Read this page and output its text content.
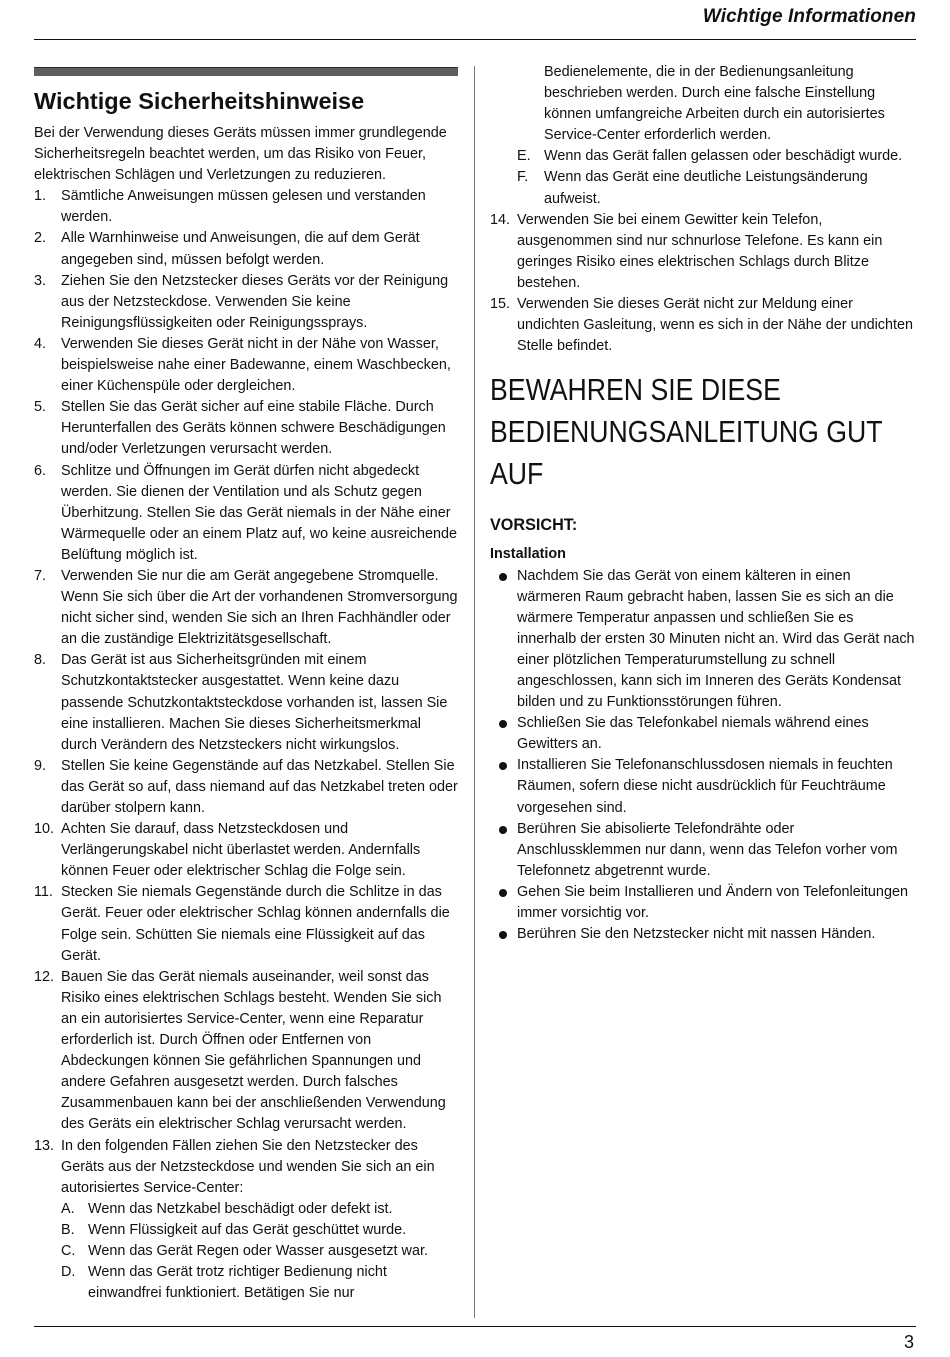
Wichtige Informationen
Wichtige Sicherheitshinweise

Bei der Verwendung dieses Geräts müssen immer grundlegende Sicherheitsregeln beachtet werden, um das Risiko von Feuer, elektrischen Schlägen und Verletzungen zu reduzieren.

1. Sämtliche Anweisungen müssen gelesen und verstanden werden.
2. Alle Warnhinweise und Anweisungen, die auf dem Gerät angegeben sind, müssen befolgt werden.
3. Ziehen Sie den Netzstecker dieses Geräts vor der Reinigung aus der Netzsteckdose. Verwenden Sie keine Reinigungsflüssigkeiten oder Reinigungssprays.
4. Verwenden Sie dieses Gerät nicht in der Nähe von Wasser, beispielsweise nahe einer Badewanne, einem Waschbecken, einer Küchenspüle oder dergleichen.
5. Stellen Sie das Gerät sicher auf eine stabile Fläche. Durch Herunterfallen des Geräts können schwere Beschädigungen und/oder Verletzungen verursacht werden.
6. Schlitze und Öffnungen im Gerät dürfen nicht abgedeckt werden. Sie dienen der Ventilation und als Schutz gegen Überhitzung. Stellen Sie das Gerät niemals in der Nähe einer Wärmequelle oder an einem Platz auf, wo keine ausreichende Belüftung möglich ist.
7. Verwenden Sie nur die am Gerät angegebene Stromquelle. Wenn Sie sich über die Art der vorhandenen Stromversorgung nicht sicher sind, wenden Sie sich an Ihren Fachhändler oder an die zuständige Elektrizitätsgesellschaft.
8. Das Gerät ist aus Sicherheitsgründen mit einem Schutzkontaktstecker ausgestattet. Wenn keine dazu passende Schutzkontaktsteckdose vorhanden ist, lassen Sie eine installieren. Machen Sie dieses Sicherheitsmerkmal durch Verändern des Netzsteckers nicht wirkungslos.
9. Stellen Sie keine Gegenstände auf das Netzkabel. Stellen Sie das Gerät so auf, dass niemand auf das Netzkabel treten oder darüber stolpern kann.
10. Achten Sie darauf, dass Netzsteckdosen und Verlängerungskabel nicht überlastet werden. Andernfalls können Feuer oder elektrischer Schlag die Folge sein.
11. Stecken Sie niemals Gegenstände durch die Schlitze in das Gerät. Feuer oder elektrischer Schlag können andernfalls die Folge sein. Schütten Sie niemals eine Flüssigkeit auf das Gerät.
12. Bauen Sie das Gerät niemals auseinander, weil sonst das Risiko eines elektrischen Schlags besteht. Wenden Sie sich an ein autorisiertes Service-Center, wenn eine Reparatur erforderlich ist. Durch Öffnen oder Entfernen von Abdeckungen können Sie gefährlichen Spannungen und andere Gefahren ausgesetzt werden. Durch falsches Zusammenbauen kann bei der anschließenden Verwendung des Geräts ein elektrischer Schlag verursacht werden.
13. In den folgenden Fällen ziehen Sie den Netzstecker des Geräts aus der Netzsteckdose und wenden Sie sich an ein autorisiertes Service-Center:
A. Wenn das Netzkabel beschädigt oder defekt ist.
B. Wenn Flüssigkeit auf das Gerät geschüttet wurde.
C. Wenn das Gerät Regen oder Wasser ausgesetzt war.
D. Wenn das Gerät trotz richtiger Bedienung nicht einwandfrei funktioniert. Betätigen Sie nur
Bedienelemente, die in der Bedienungsanleitung beschrieben werden. Durch eine falsche Einstellung können umfangreiche Arbeiten durch ein autorisiertes Service-Center erforderlich werden.
E. Wenn das Gerät fallen gelassen oder beschädigt wurde.
F. Wenn das Gerät eine deutliche Leistungsänderung aufweist.
14. Verwenden Sie bei einem Gewitter kein Telefon, ausgenommen sind nur schnurlose Telefone. Es kann ein geringes Risiko eines elektrischen Schlags durch Blitze bestehen.
15. Verwenden Sie dieses Gerät nicht zur Meldung einer undichten Gasleitung, wenn es sich in der Nähe der undichten Stelle befindet.
BEWAHREN SIE DIESE BEDIENUNGSANLEITUNG GUT AUF
VORSICHT:
Installation
Nachdem Sie das Gerät von einem kälteren in einen wärmeren Raum gebracht haben, lassen Sie es sich an die wärmere Temperatur anpassen und schließen Sie es innerhalb der ersten 30 Minuten nicht an. Wird das Gerät nach einer plötzlichen Temperaturumstellung zu schnell angeschlossen, kann sich im Inneren des Geräts Kondensat bilden und zu Funktionsstörungen führen.
Schließen Sie das Telefonkabel niemals während eines Gewitters an.
Installieren Sie Telefonanschlussdosen niemals in feuchten Räumen, sofern diese nicht ausdrücklich für Feuchträume vorgesehen sind.
Berühren Sie abisolierte Telefondrähte oder Anschlussklemmen nur dann, wenn das Telefon vorher vom Telefonnetz abgetrennt wurde.
Gehen Sie beim Installieren und Ändern von Telefonleitungen immer vorsichtig vor.
Berühren Sie den Netzstecker nicht mit nassen Händen.
3
